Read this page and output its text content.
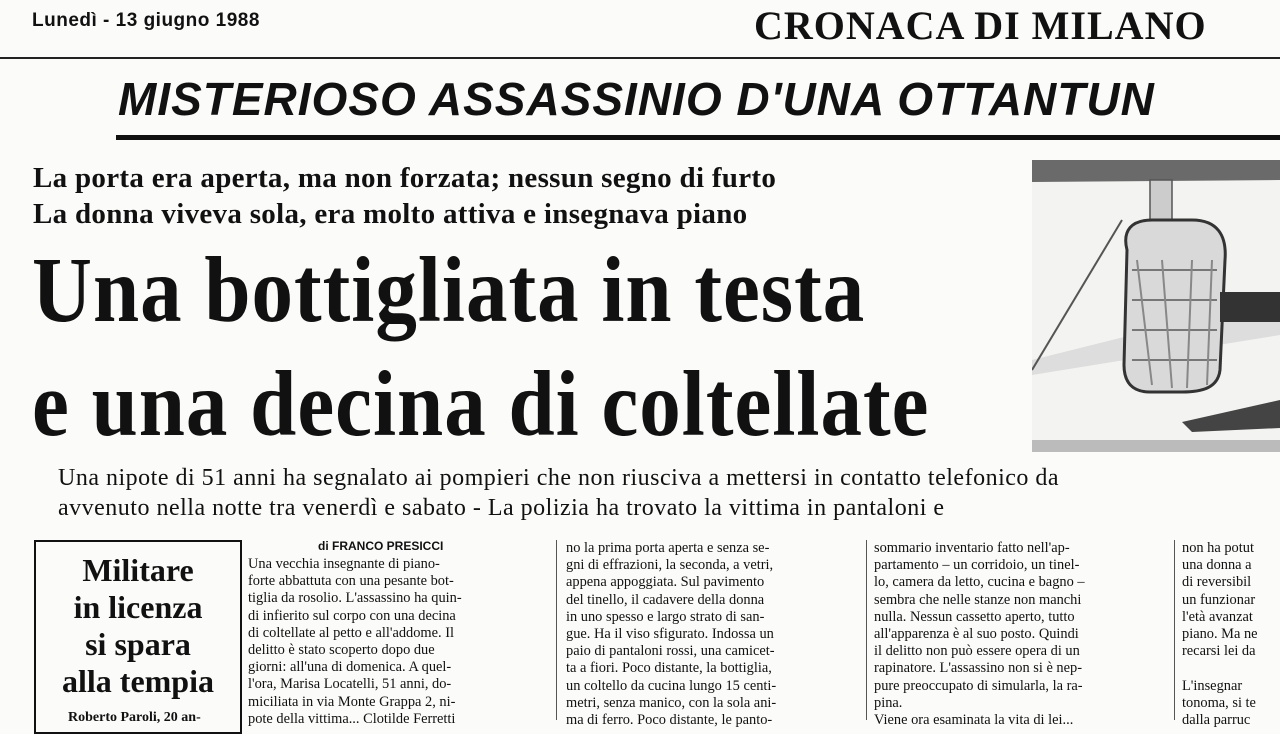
Lunedì - 13 giugno 1988	CRONACA DI MILANO
MISTERIOSO ASSASSINIO D'UNA OTTANTUN
La porta era aperta, ma non forzata; nessun segno di furto
La donna viveva sola, era molto attiva e insegnava piano
Una bottigliata in testa
e una decina di coltellate
Una nipote di 51 anni ha segnalato ai pompieri che non riusciva a mettersi in contatto telefonico da
avvenuto nella notte tra venerdì e sabato - La polizia ha trovato la vittima in pantaloni e
Militare
in licenza
si spara
alla tempia
Roberto Paroli, 20 an-
di FRANCO PRESICCI
Una vecchia insegnante di piano-
forte abbattuta con una pesante bot-
tiglia da rosolio. L'assassino ha quin-
di infierito sul corpo con una decina
di coltellate al petto e all'addome. Il
delitto è stato scoperto dopo due
giorni: all'una di domenica. A quel-
l'ora, Marisa Locatelli, 51 anni, do-
miciliata in via Monte Grappa 2, ni-
pote della vittima... Clotilde Ferretti
no la prima porta aperta e senza se-
gni di effrazioni, la seconda, a vetri,
appena appoggiata. Sul pavimento
del tinello, il cadavere della donna
in uno spesso e largo strato di san-
gue. Ha il viso sfigurato. Indossa un
paio di pantaloni rossi, una camicet-
ta a fiori. Poco distante, la bottiglia,
un coltello da cucina lungo 15 centi-
metri, senza manico, con la sola ani-
ma di ferro. Poco distante, le panto-
sommario inventario fatto nell'ap-
partamento – un corridoio, un tinel-
lo, camera da letto, cucina e bagno –
sembra che nelle stanze non manchi
nulla. Nessun cassetto aperto, tutto
all'apparenza è al suo posto. Quindi
il delitto non può essere opera di un
rapinatore. L'assassino non si è nep-
pure preoccupato di simularla, la ra-
pina.
Viene ora esaminata la vita di lei...
non ha potut
una donna a
di reversibil
un funzionar
l'età avanzat
piano. Ma ne
recarsi lei da

L'insegnar
tonoma, si te
dalla parruc
